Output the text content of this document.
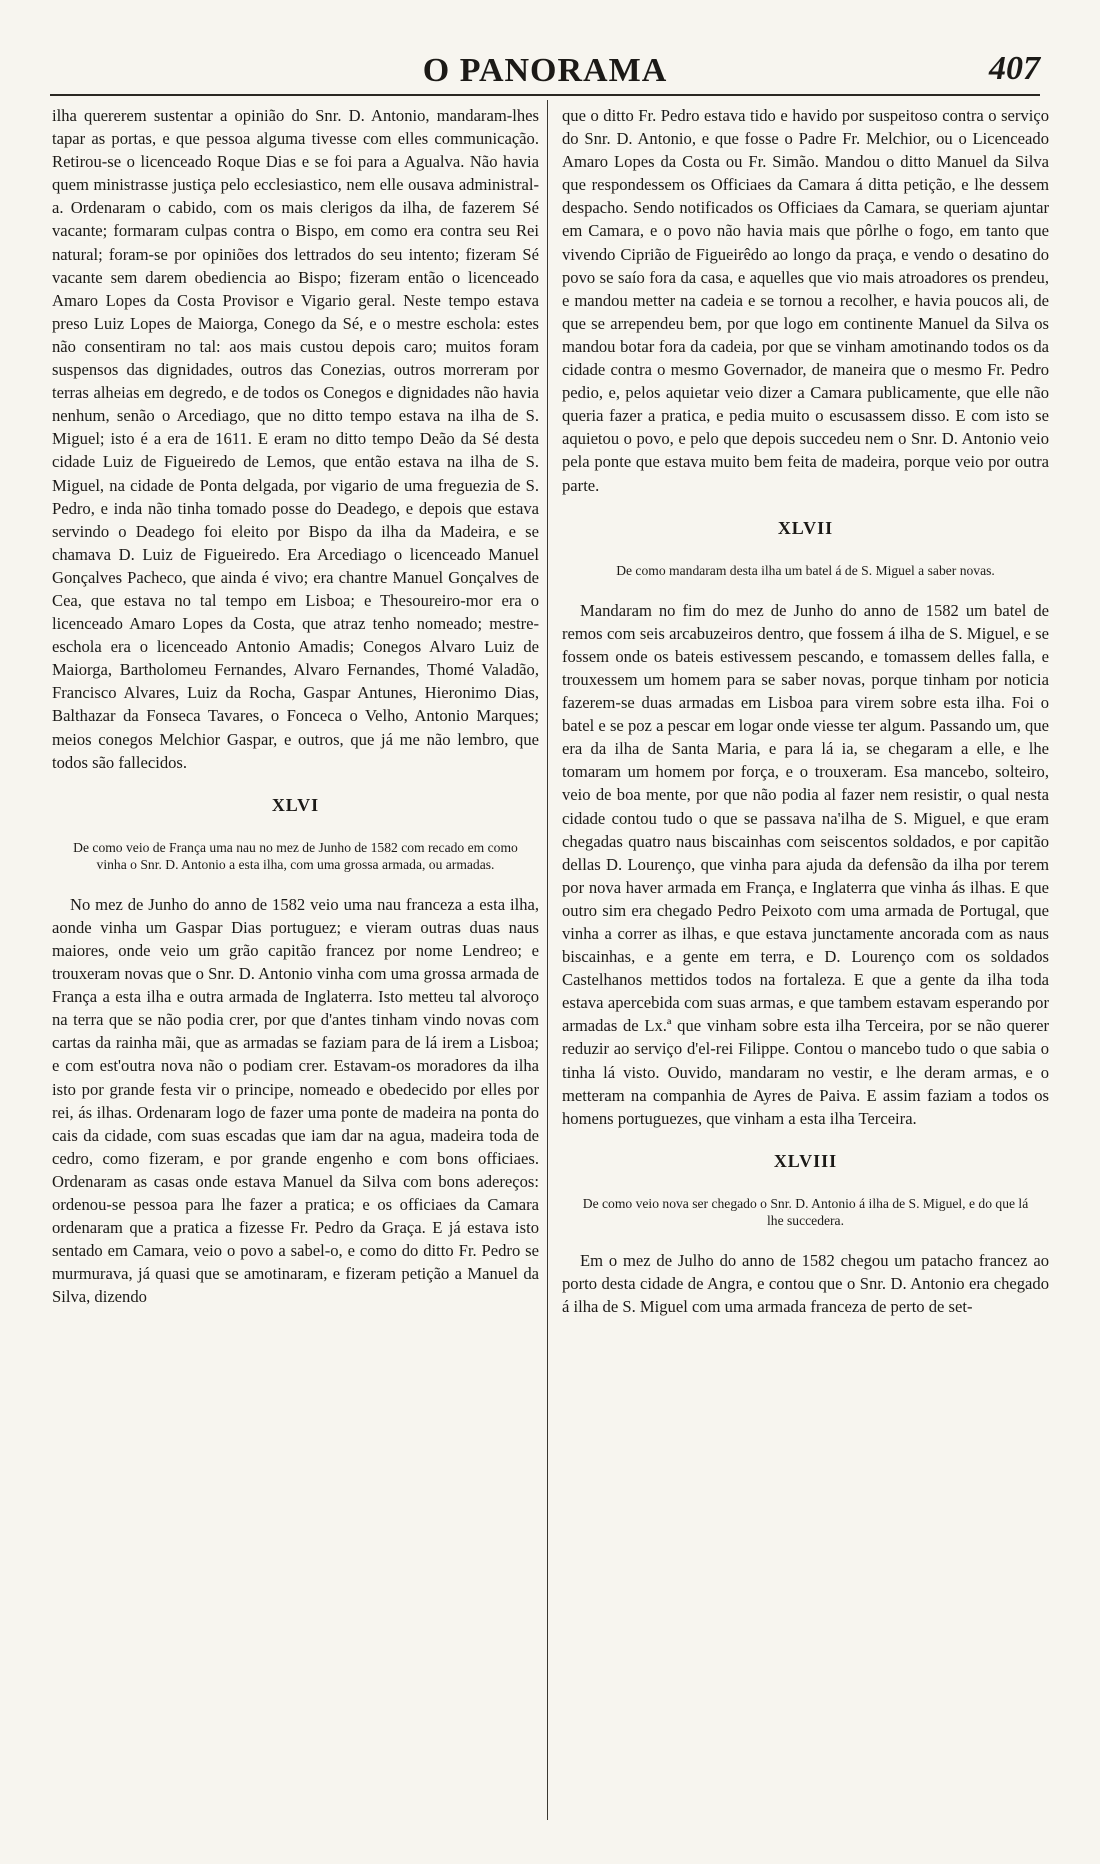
O PANORAMA	407

ilha quererem sustentar a opinião do Snr. D. Antonio, mandaram-lhes tapar as portas, e que pessoa alguma tivesse com elles communicação. Retirou-se o licenceado Roque Dias e se foi para a Agualva. Não havia quem ministrasse justiça pelo ecclesiastico, nem elle ousava administral-a. Ordenaram o cabido, com os mais clerigos da ilha, de fazerem Sé vacante; formaram culpas contra o Bispo, em como era contra seu Rei natural; foram-se por opiniões dos lettrados do seu intento; fizeram Sé vacante sem darem obediencia ao Bispo; fizeram então o licenceado Amaro Lopes da Costa Provisor e Vigario geral. Neste tempo estava preso Luiz Lopes de Maiorga, Conego da Sé, e o mestre eschola: estes não consentiram no tal: aos mais custou depois caro; muitos foram suspensos das dignidades, outros das Conezias, outros morreram por terras alheias em degredo, e de todos os Conegos e dignidades não havia nenhum, senão o Arcediago, que no ditto tempo estava na ilha de S. Miguel; isto é a era de 1611. E eram no ditto tempo Deão da Sé desta cidade Luiz de Figueiredo de Lemos, que então estava na ilha de S. Miguel, na cidade de Ponta delgada, por vigario de uma freguezia de S. Pedro, e inda não tinha tomado posse do Deadego, e depois que estava servindo o Deadego foi eleito por Bispo da ilha da Madeira, e se chamava D. Luiz de Figueiredo. Era Arcediago o licenceado Manuel Gonçalves Pacheco, que ainda é vivo; era chantre Manuel Gonçalves de Cea, que estava no tal tempo em Lisboa; e Thesoureiro-mor era o licenceado Amaro Lopes da Costa, que atraz tenho nomeado; mestre-eschola era o licenceado Antonio Amadis; Conegos Alvaro Luiz de Maiorga, Bartholomeu Fernandes, Alvaro Fernandes, Thomé Valadão, Francisco Alvares, Luiz da Rocha, Gaspar Antunes, Hieronimo Dias, Balthazar da Fonseca Tavares, o Fonceca o Velho, Antonio Marques; meios conegos Melchior Gaspar, e outros, que já me não lembro, que todos são fallecidos.

XLVI
De como veio de França uma nau no mez de Junho de 1582 com recado em como vinha o Snr. D. Antonio a esta ilha, com uma grossa armada, ou armadas.

No mez de Junho do anno de 1582 veio uma nau franceza a esta ilha, aonde vinha um Gaspar Dias portuguez; e vieram outras duas naus maiores, onde veio um grão capitão francez por nome Lendreo; e trouxeram novas que o Snr. D. Antonio vinha com uma grossa armada de França a esta ilha e outra armada de Inglaterra. Isto metteu tal alvoroço na terra que se não podia crer, por que d'antes tinham vindo novas com cartas da rainha mãi, que as armadas se faziam para de lá irem a Lisboa; e com est'outra nova não o podiam crer. Estavam-os moradores da ilha isto por grande festa vir o principe, nomeado e obedecido por elles por rei, ás ilhas. Ordenaram logo de fazer uma ponte de madeira na ponta do cais da cidade, com suas escadas que iam dar na agua, madeira toda de cedro, como fizeram, e por grande engenho e com bons officiaes. Ordenaram as casas onde estava Manuel da Silva com bons adereços: ordenou-se pessoa para lhe fazer a pratica; e os officiaes da Camara ordenaram que a pratica a fizesse Fr. Pedro da Graça. E já estava isto sentado em Camara, veio o povo a sabel-o, e como do ditto Fr. Pedro se murmurava, já quasi que se amotinaram, e fizeram petição a Manuel da Silva, dizendo

que o ditto Fr. Pedro estava tido e havido por suspeitoso contra o serviço do Snr. D. Antonio, e que fosse o Padre Fr. Melchior, ou o Licenceado Amaro Lopes da Costa ou Fr. Simão. Mandou o ditto Manuel da Silva que respondessem os Officiaes da Camara á ditta petição, e lhe dessem despacho. Sendo notificados os Officiaes da Camara, se queriam ajuntar em Camara, e o povo não havia mais que pôrlhe o fogo, em tanto que vivendo Ciprião de Figueirêdo ao longo da praça, e vendo o desatino do povo se saío fora da casa, e aquelles que vio mais atroadores os prendeu, e mandou metter na cadeia e se tornou a recolher, e havia poucos ali, de que se arrependeu bem, por que logo em continente Manuel da Silva os mandou botar fora da cadeia, por que se vinham amotinando todos os da cidade contra o mesmo Governador, de maneira que o mesmo Fr. Pedro pedio, e, pelos aquietar veio dizer a Camara publicamente, que elle não queria fazer a pratica, e pedia muito o escusassem disso. E com isto se aquietou o povo, e pelo que depois succedeu nem o Snr. D. Antonio veio pela ponte que estava muito bem feita de madeira, porque veio por outra parte.

XLVII
De como mandaram desta ilha um batel á de S. Miguel a saber novas.

Mandaram no fim do mez de Junho do anno de 1582 um batel de remos com seis arcabuzeiros dentro, que fossem á ilha de S. Miguel, e se fossem onde os bateis estivessem pescando, e tomassem delles falla, e trouxessem um homem para se saber novas, porque tinham por noticia fazerem-se duas armadas em Lisboa para virem sobre esta ilha. Foi o batel e se poz a pescar em logar onde viesse ter algum. Passando um, que era da ilha de Santa Maria, e para lá ia, se chegaram a elle, e lhe tomaram um homem por força, e o trouxeram. Esa mancebo, solteiro, veio de boa mente, por que não podia al fazer nem resistir, o qual nesta cidade contou tudo o que se passava na'ilha de S. Miguel, e que eram chegadas quatro naus biscainhas com seiscentos soldados, e por capitão dellas D. Lourenço, que vinha para ajuda da defensão da ilha por terem por nova haver armada em França, e Inglaterra que vinha ás ilhas. E que outro sim era chegado Pedro Peixoto com uma armada de Portugal, que vinha a correr as ilhas, e que estava junctamente ancorada com as naus biscainhas, e a gente em terra, e D. Lourenço com os soldados Castelhanos mettidos todos na fortaleza. E que a gente da ilha toda estava apercebida com suas armas, e que tambem estavam esperando por armadas de Lx.ª que vinham sobre esta ilha Terceira, por se não querer reduzir ao serviço d'el-rei Filippe. Contou o mancebo tudo o que sabia o tinha lá visto. Ouvido, mandaram no vestir, e lhe deram armas, e o metteram na companhia de Ayres de Paiva. E assim faziam a todos os homens portuguezes, que vinham a esta ilha Terceira.

XLVIII
De como veio nova ser chegado o Snr. D. Antonio á ilha de S. Miguel, e do que lá lhe succedera.

Em o mez de Julho do anno de 1582 chegou um patacho francez ao porto desta cidade de Angra, e contou que o Snr. D. Antonio era chegado á ilha de S. Miguel com uma armada franceza de perto de set-
